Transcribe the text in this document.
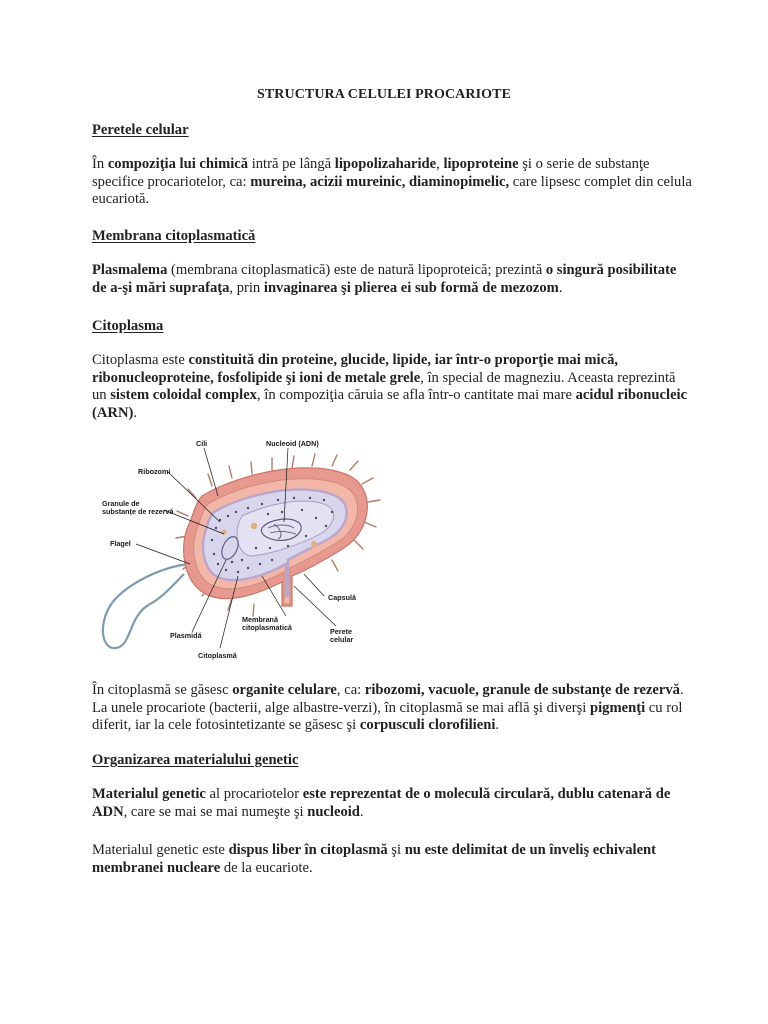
STRUCTURA CELULEI PROCARIOTE
Peretele celular

În compoziţia lui chimică intră pe lângă lipopolizaharide, lipoproteine şi o serie de substanţe specifice procariotelor, ca: mureina, acizii mureinic, diaminopimelic, care lipsesc complet din celula eucariotă.

Membrana citoplasmatică

Plasmalema (membrana citoplasmatică) este de natură lipoproteică; prezintă o singură posibilitate de a-şi mări suprafaţa, prin invaginarea şi plierea ei sub formă de mezozom.

Citoplasma

Citoplasma este constituită din proteine, glucide, lipide, iar într-o proporţie mai mică, ribonucleoproteine, fosfolipide şi ioni de metale grele, în special de magneziu. Aceasta reprezintă un sistem coloidal complex, în compoziţia căruia se afla într-o cantitate mai mare acidul ribonucleic (ARN).

Cili	Nucleoid (ADN)
Ribozomi
Granule de
substanțe de rezervă
Flagel
Capsulă
Membrană
citoplasmatică	Perete
celular
Plasmidă
Citoplasmă

În citoplasmă se găsesc organite celulare, ca: ribozomi, vacuole, granule de substanţe de rezervă. La unele procariote (bacterii, alge albastre-verzi), în citoplasmă se mai află şi diverşi pigmenţi cu rol diferit, iar la cele fotosintetizante se găsesc şi corpusculi clorofilieni.

Organizarea materialului genetic

Materialul genetic al procariotelor este reprezentat de o moleculă circulară, dublu catenară de ADN, care se mai se mai numeşte şi nucleoid.

Materialul genetic este dispus liber în citoplasmă şi nu este delimitat de un înveliş echivalent membranei nucleare de la eucariote.
